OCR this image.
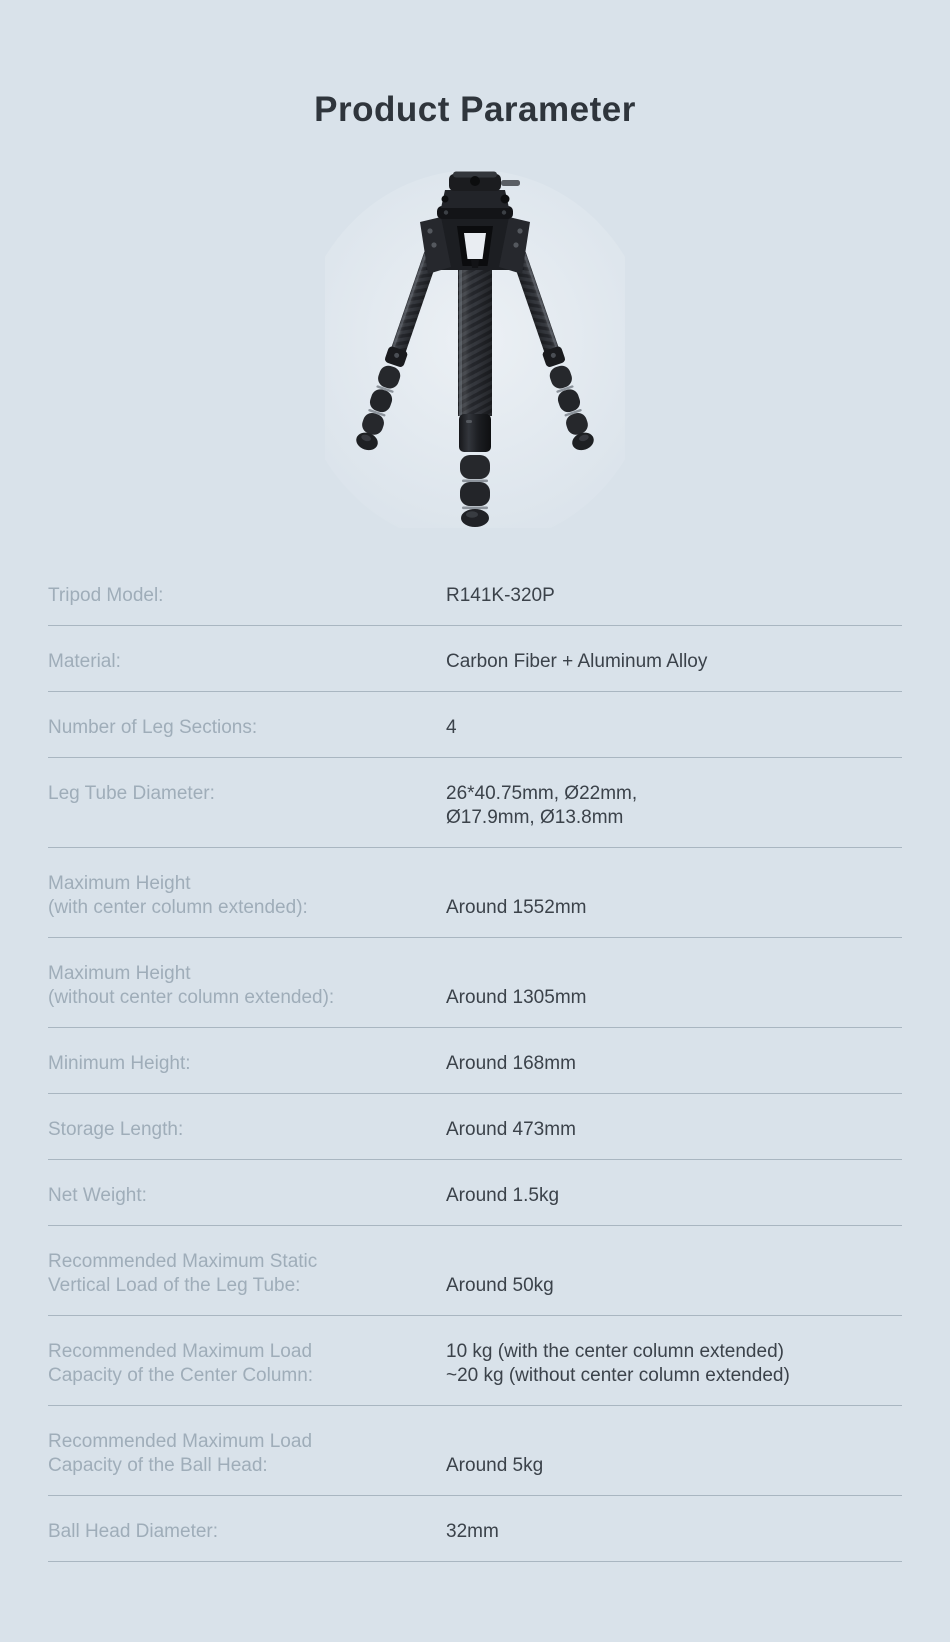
Product Parameter
Tripod Model:	R141K-320P
Material:	Carbon Fiber + Aluminum Alloy
Number of Leg Sections:	4
Leg Tube Diameter:	26*40.75mm, Ø22mm,
Ø17.9mm, Ø13.8mm
Maximum Height
(with center column extended):	Around 1552mm
Maximum Height
(without center column extended):	Around 1305mm
Minimum Height:	Around 168mm
Storage Length:	Around 473mm
Net Weight:	Around 1.5kg
Recommended Maximum Static
Vertical Load of the Leg Tube:	Around 50kg
Recommended Maximum Load
Capacity of the Center Column:
10 kg (with the center column extended)
~20 kg (without center column extended)
Recommended Maximum Load
Capacity of the Ball Head:	Around 5kg
Ball Head Diameter:	32mm
